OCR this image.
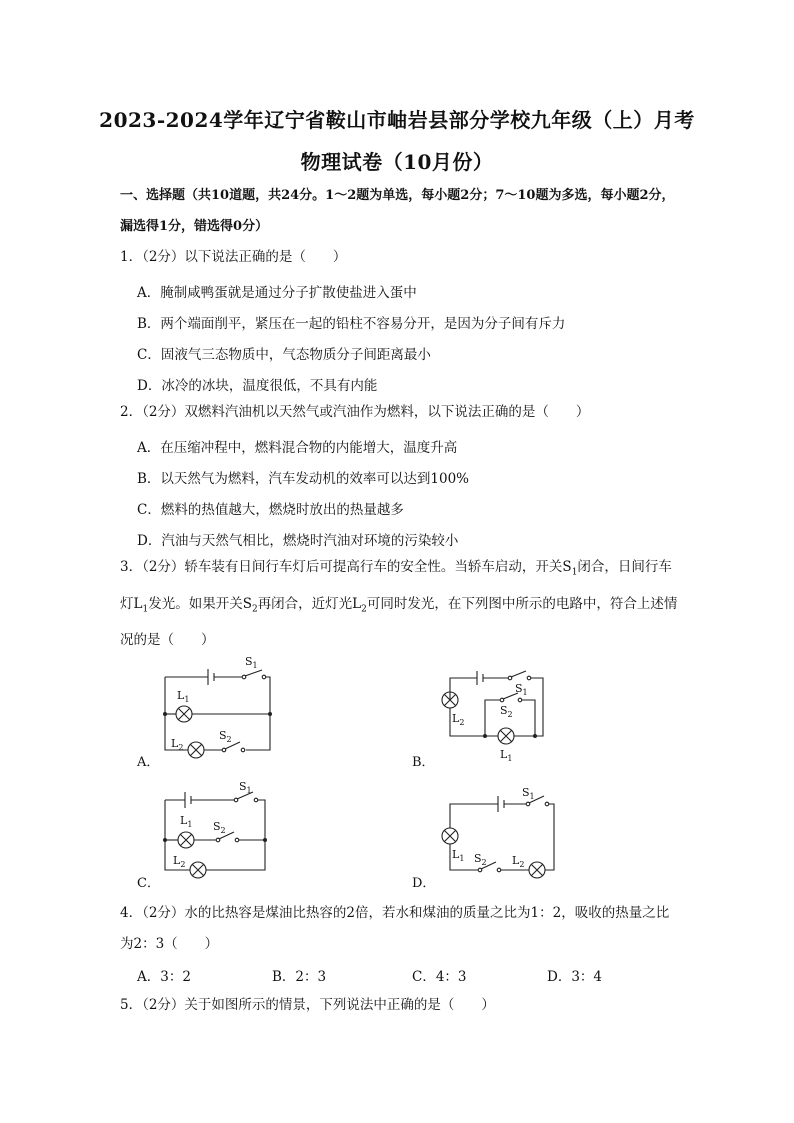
2023-2024学年辽宁省鞍山市岫岩县部分学校九年级（上）月考
物理试卷（10月份）
一、选择题（共10道题，共24分。1～2题为单选，每小题2分；7～10题为多选，每小题2分，漏选得1分，错选得0分）
1．（2分）以下说法正确的是（　　）
A．腌制咸鸭蛋就是通过分子扩散使盐进入蛋中
B．两个端面削平，紧压在一起的铅柱不容易分开，是因为分子间有斥力
C．固液气三态物质中，气态物质分子间距离最小
D．冰冷的冰块，温度很低，不具有内能
2．（2分）双燃料汽油机以天然气或汽油作为燃料，以下说法正确的是（　　）
A．在压缩冲程中，燃料混合物的内能增大，温度升高
B．以天然气为燃料，汽车发动机的效率可以达到100%
C．燃料的热值越大，燃烧时放出的热量越多
D．汽油与天然气相比，燃烧时汽油对环境的污染较小
3．（2分）轿车装有日间行车灯后可提高行车的安全性。当轿车启动，开关$S_1$闭合，日间行车灯$L_1$发光。如果开关$S_2$再闭合，近灯光$L_2$可同时发光，在下列图中所示的电路中，符合上述情况的是（　　）
$S_1$
$L_1$
$S_2$
$L_2$
A．
$S_1$
$S_2$
$L_2$
$L_1$
B．
$S_1$
$L_1$ $S_2$
$L_2$
C．
$S_1$
$L_1$ $S_2$ $L_2$
D．
4．（2分）水的比热容是煤油比热容的2倍，若水和煤油的质量之比为1：2，吸收的热量之比为2：3（　　）
A．3：2	B．2：3	C．4：3	D．3：4
5．（2分）关于如图所示的情景，下列说法中正确的是（　　）
